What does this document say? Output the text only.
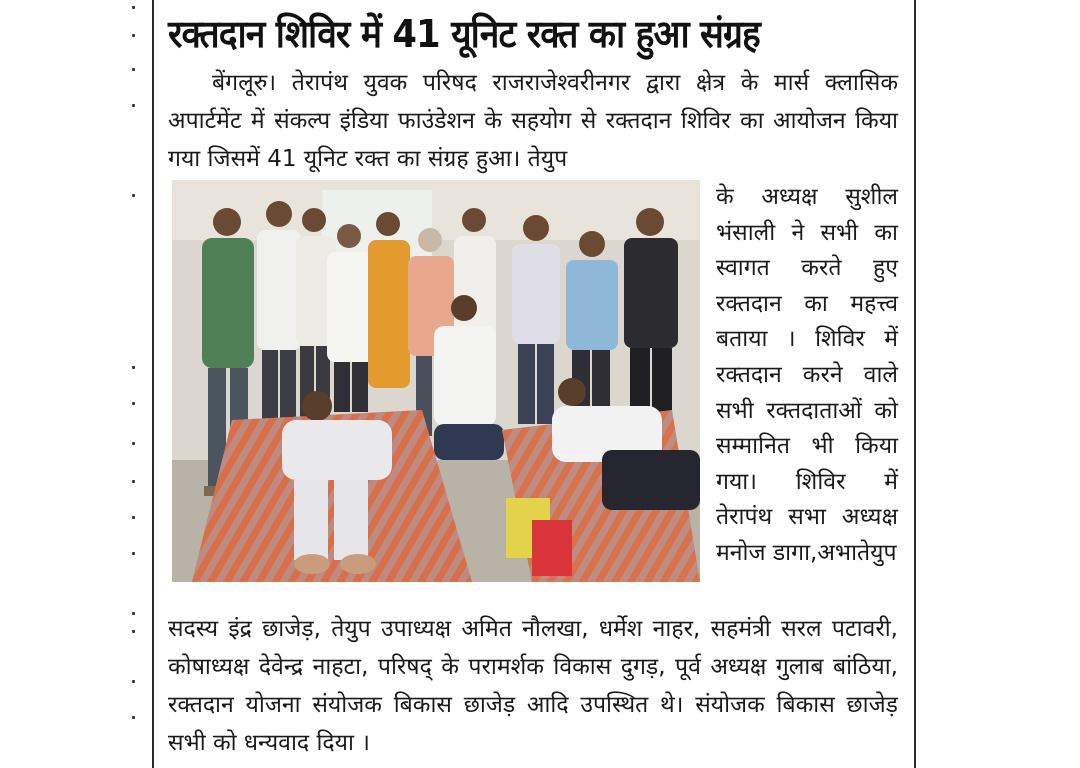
रक्तदान शिविर में 41 यूनिट रक्त का हुआ संग्रह
बेंगलूरु। तेरापंथ युवक परिषद राजराजेश्वरीनगर द्वारा क्षेत्र के मार्स क्लासिक अपार्टमेंट में संकल्प इंडिया फाउंडेशन के सहयोग से रक्तदान शिविर का आयोजन किया गया जिसमें 41 यूनिट रक्त का संग्रह हुआ। तेयुप
के अध्यक्ष सुशील भंसाली ने सभी का स्वागत करते हुए रक्तदान का महत्त्व बताया । शिविर में रक्तदान करने वाले सभी रक्तदाताओं को सम्मानित भी किया गया। शिविर में तेरापंथ सभा अध्यक्ष मनोज डागा,अभातेयुप
सदस्य इंद्र छाजेड़, तेयुप उपाध्यक्ष अमित नौलखा, धर्मेश नाहर, सहमंत्री सरल पटावरी, कोषाध्यक्ष देवेन्द्र नाहटा, परिषद् के परामर्शक विकास दुगड़, पूर्व अध्यक्ष गुलाब बांठिया, रक्तदान योजना संयोजक बिकास छाजेड़ आदि उपस्थित थे। संयोजक बिकास छाजेड़ सभी को धन्यवाद दिया ।
